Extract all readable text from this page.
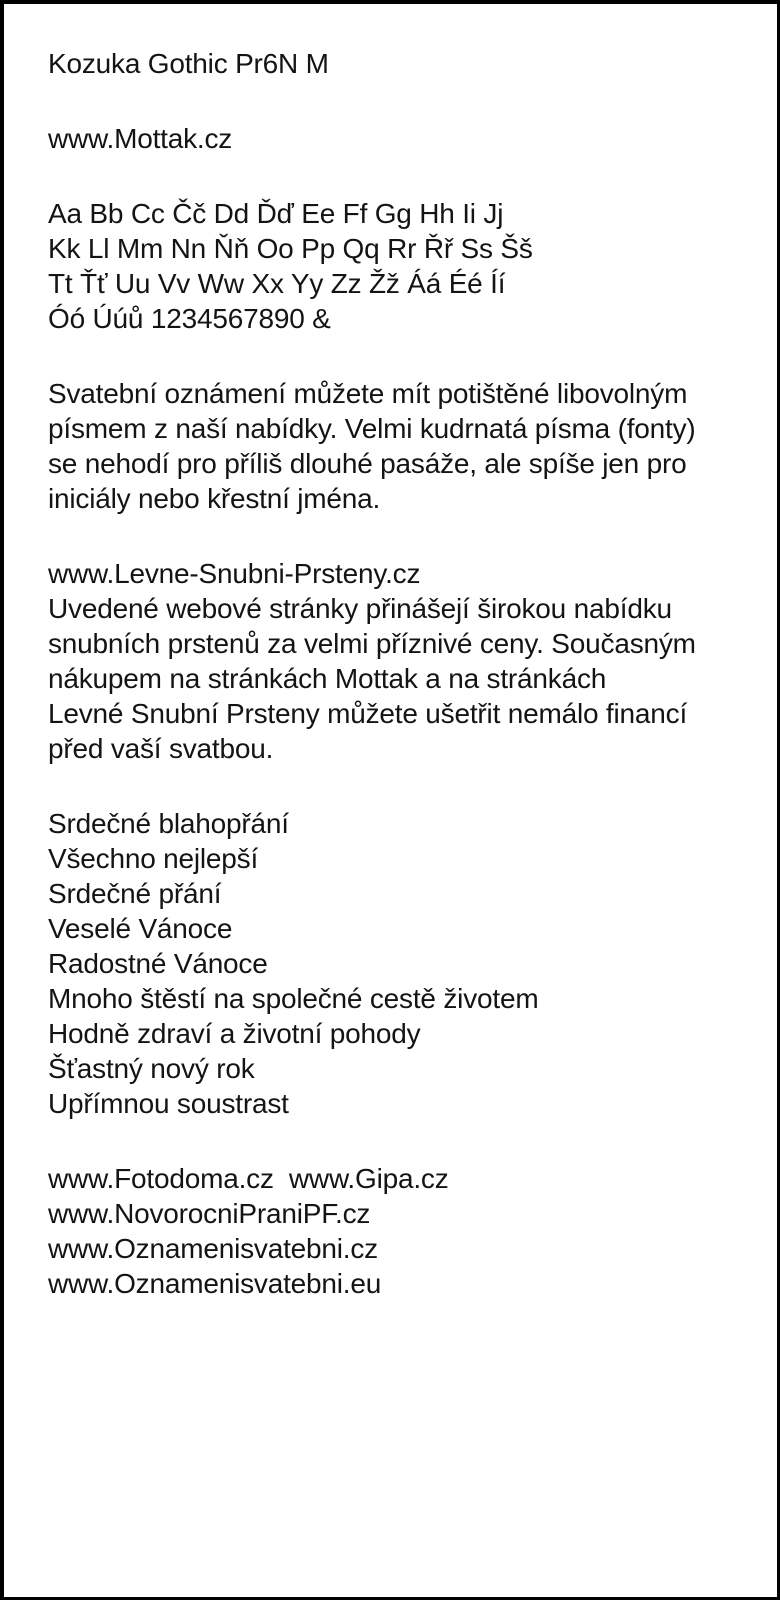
Kozuka Gothic Pr6N M
www.Mottak.cz
Aa Bb Cc Čč Dd Ďď Ee Ff Gg Hh Ii Jj
Kk Ll Mm Nn Ňň Oo Pp Qq Rr Řř Ss Šš
Tt Ťť Uu Vv Ww Xx Yy Zz Žž Áá Éé Íí
Óó Úúů 1234567890 &
Svatební oznámení můžete mít potištěné libovolným
písmem z naší nabídky. Velmi kudrnatá písma (fonty)
se nehodí pro příliš dlouhé pasáže, ale spíše jen pro
iniciály nebo křestní jména.
www.Levne-Snubni-Prsteny.cz
Uvedené webové stránky přinášejí širokou nabídku
snubních prstenů za velmi příznivé ceny. Současným
nákupem na stránkách Mottak a na stránkách
Levné Snubní Prsteny můžete ušetřit nemálo financí
před vaší svatbou.
Srdečné blahopřání
Všechno nejlepší
Srdečné přání
Veselé Vánoce
Radostné Vánoce
Mnoho štěstí na společné cestě životem
Hodně zdraví a životní pohody
Šťastný nový rok
Upřímnou soustrast
www.Fotodoma.cz  www.Gipa.cz
www.NovorocniPraniPF.cz
www.Oznamenisvatebni.cz
www.Oznamenisvatebni.eu
